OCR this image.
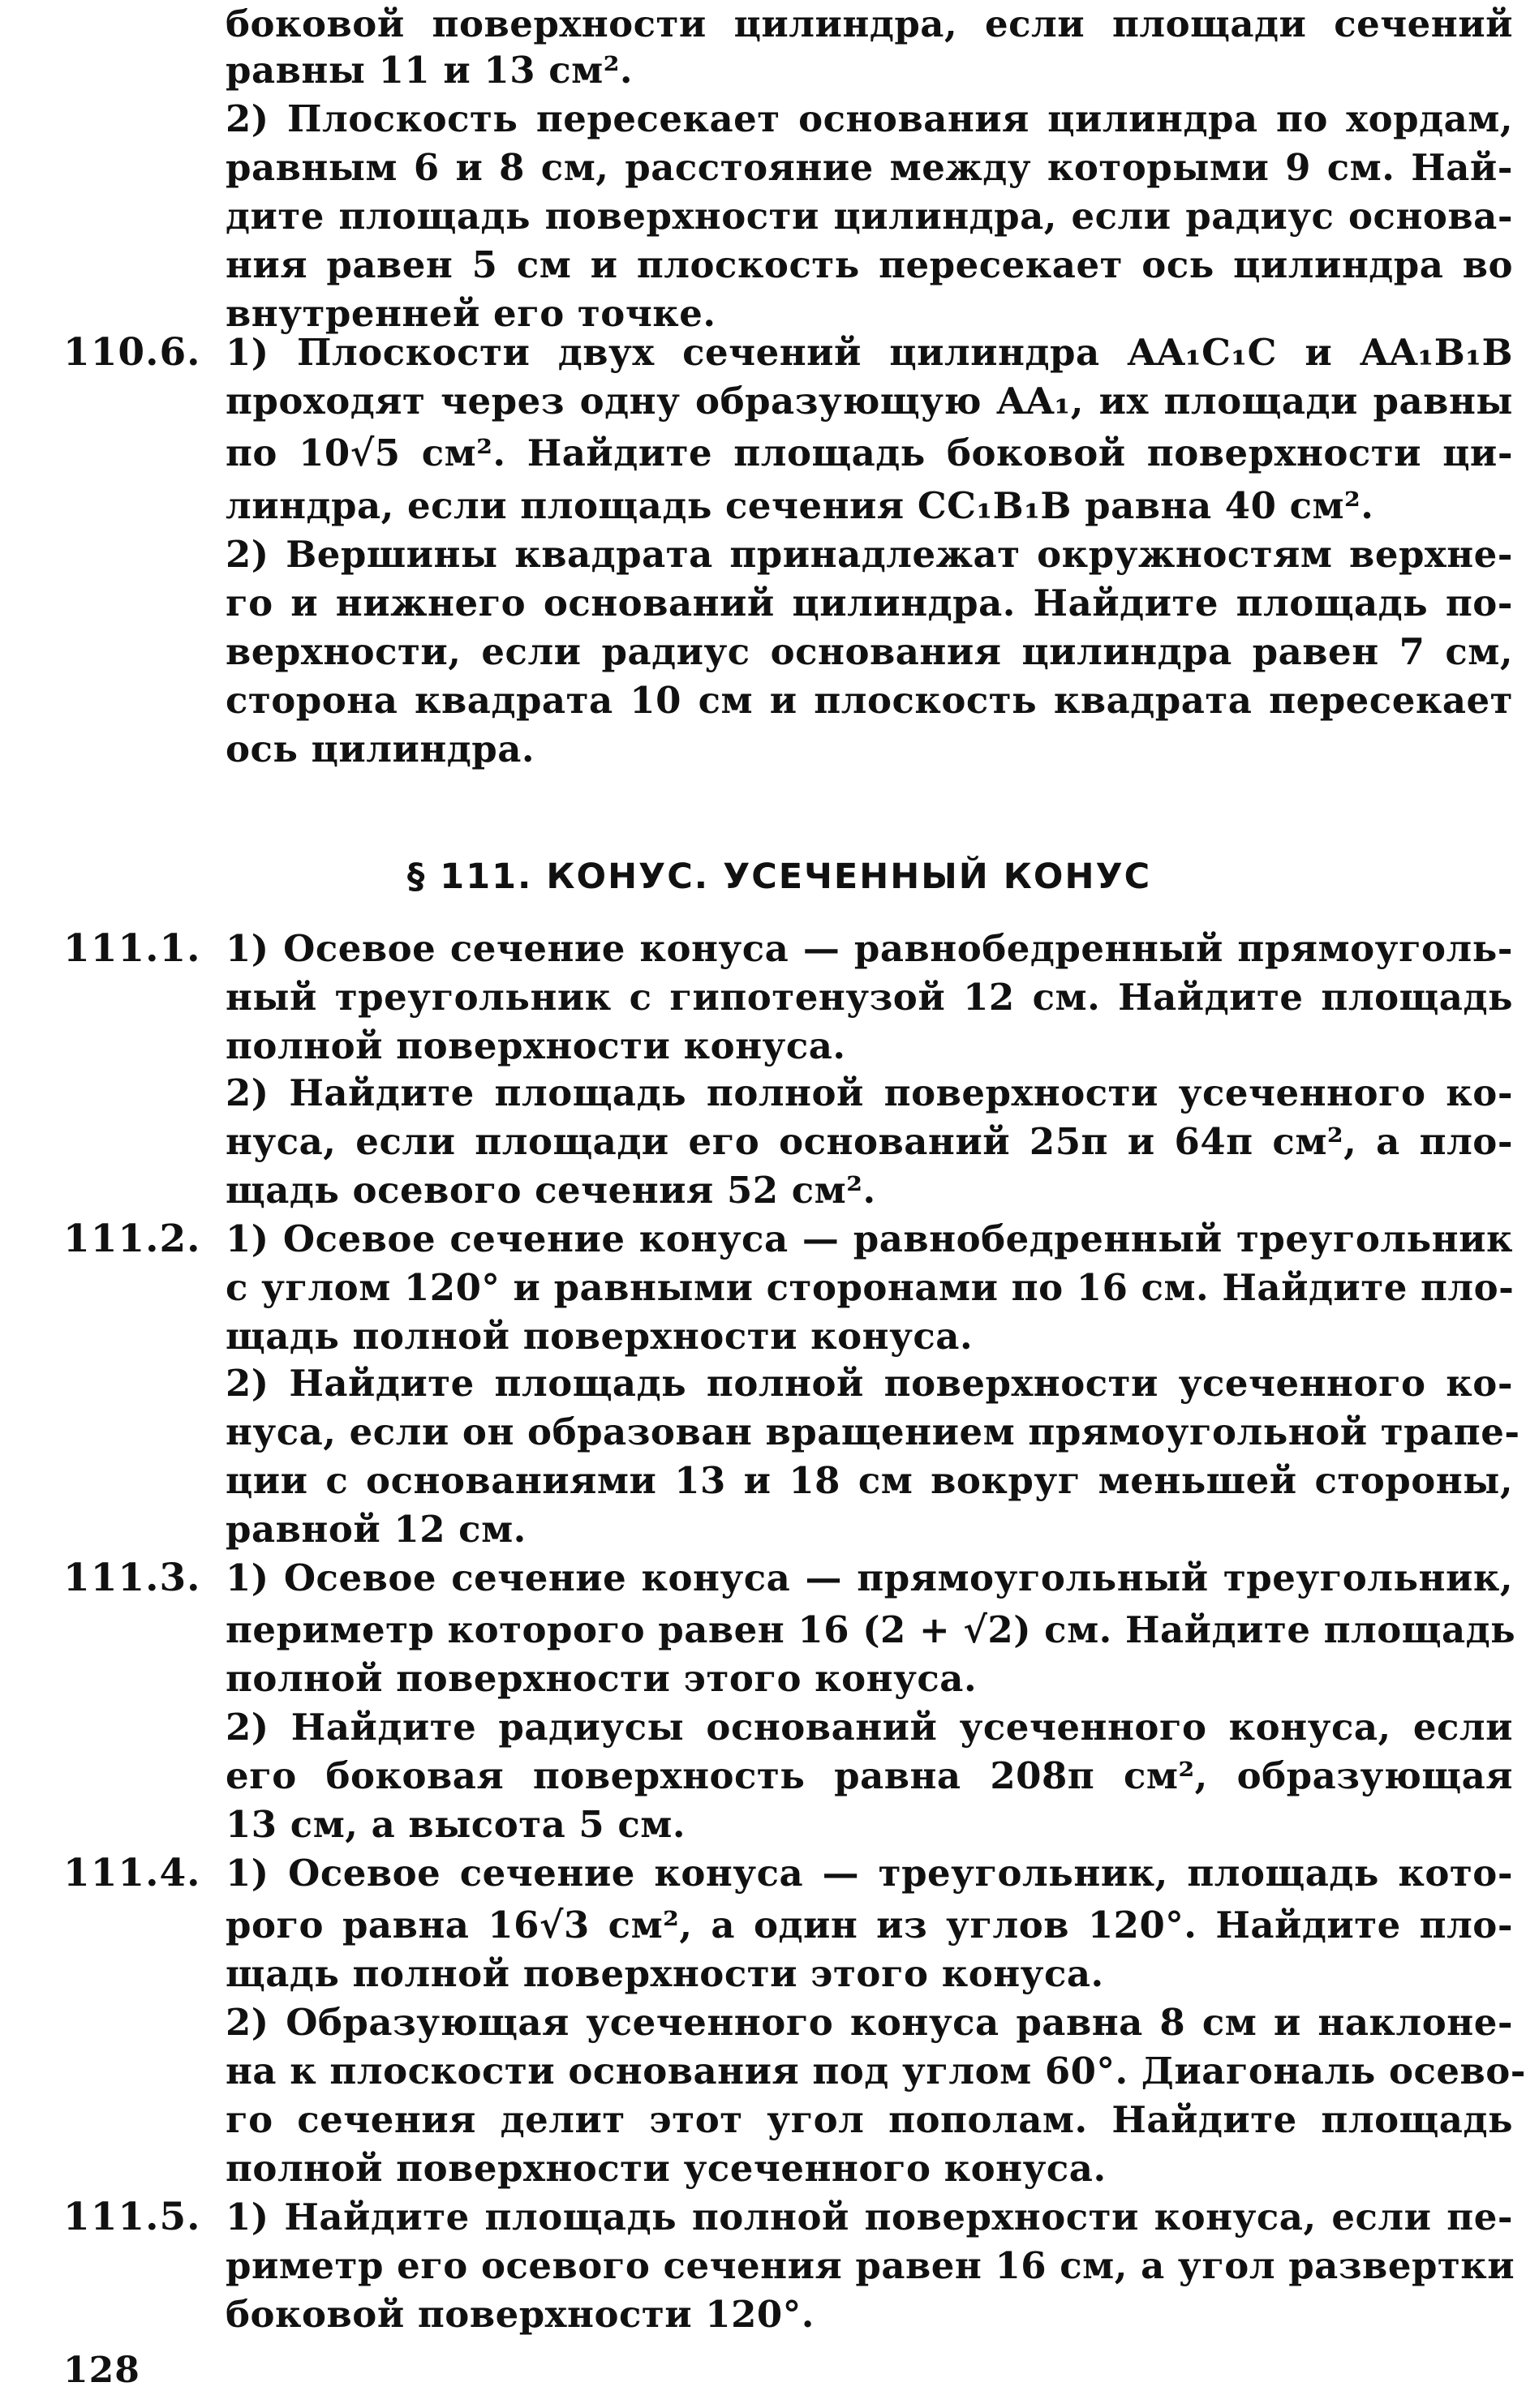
боковой поверхности цилиндра, если площади сечений
равны 11 и 13 см².
2) Плоскость пересекает основания цилиндра по хордам,
равным 6 и 8 см, расстояние между которыми 9 см. Най-
дите площадь поверхности цилиндра, если радиус основа-
ния равен 5 см и плоскость пересекает ось цилиндра во
внутренней его точке.
110.6. 1) Плоскости двух сечений цилиндра AA₁C₁C и AA₁B₁B
проходят через одну образующую AA₁, их площади равны
по 10√5 см². Найдите площадь боковой поверхности ци-
линдра, если площадь сечения CC₁B₁B равна 40 см².
2) Вершины квадрата принадлежат окружностям верхне-
го и нижнего оснований цилиндра. Найдите площадь по-
верхности, если радиус основания цилиндра равен 7 см,
сторона квадрата 10 см и плоскость квадрата пересекает
ось цилиндра.
§ 111. КОНУС. УСЕЧЕННЫЙ КОНУС
111.1. 1) Осевое сечение конуса — равнобедренный прямоуголь-
ный треугольник с гипотенузой 12 см. Найдите площадь
полной поверхности конуса.
2) Найдите площадь полной поверхности усеченного ко-
нуса, если площади его оснований 25π и 64π см², а пло-
щадь осевого сечения 52 см².
111.2. 1) Осевое сечение конуса — равнобедренный треугольник
с углом 120° и равными сторонами по 16 см. Найдите пло-
щадь полной поверхности конуса.
2) Найдите площадь полной поверхности усеченного ко-
нуса, если он образован вращением прямоугольной трапе-
ции с основаниями 13 и 18 см вокруг меньшей стороны,
равной 12 см.
111.3. 1) Осевое сечение конуса — прямоугольный треугольник,
периметр которого равен 16 (2 + √2) см. Найдите площадь
полной поверхности этого конуса.
2) Найдите радиусы оснований усеченного конуса, если
его боковая поверхность равна 208π см², образующая
13 см, а высота 5 см.
111.4. 1) Осевое сечение конуса — треугольник, площадь кото-
рого равна 16√3 см², а один из углов 120°. Найдите пло-
щадь полной поверхности этого конуса.
2) Образующая усеченного конуса равна 8 см и наклоне-
на к плоскости основания под углом 60°. Диагональ осево-
го сечения делит этот угол пополам. Найдите площадь
полной поверхности усеченного конуса.
111.5. 1) Найдите площадь полной поверхности конуса, если пе-
риметр его осевого сечения равен 16 см, а угол развертки
боковой поверхности 120°.
128
